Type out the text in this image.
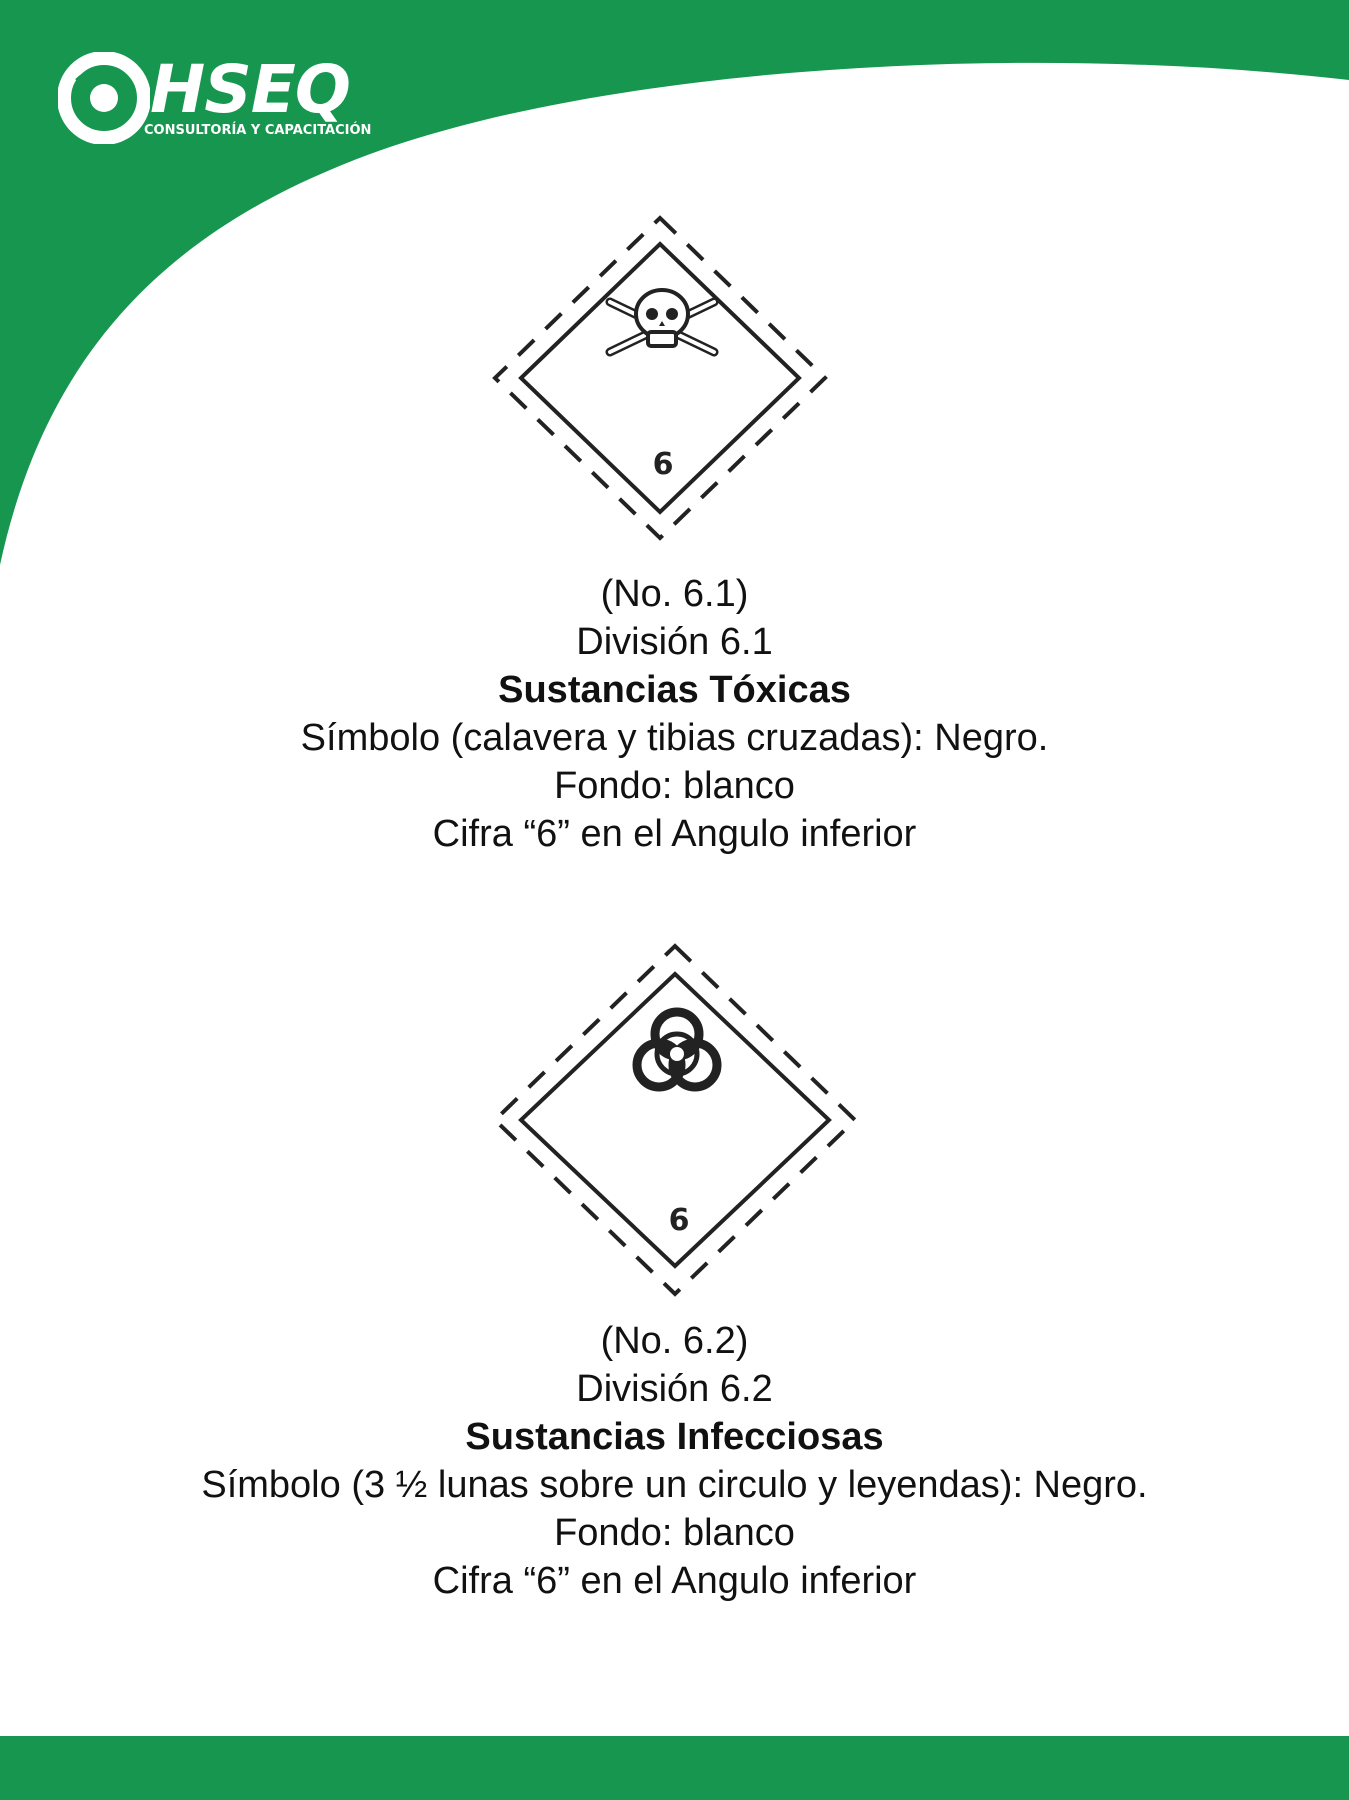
HSEQ
CONSULTORÍA Y CAPACITACIÓN
6
(No. 6.1)
División 6.1
Sustancias Tóxicas
Símbolo (calavera y tibias cruzadas): Negro.
Fondo: blanco
Cifra “6” en el Angulo inferior
6
(No. 6.2)
División 6.2
Sustancias Infecciosas
Símbolo (3 ½ lunas sobre un circulo y leyendas): Negro.
Fondo: blanco
Cifra “6” en el Angulo inferior
